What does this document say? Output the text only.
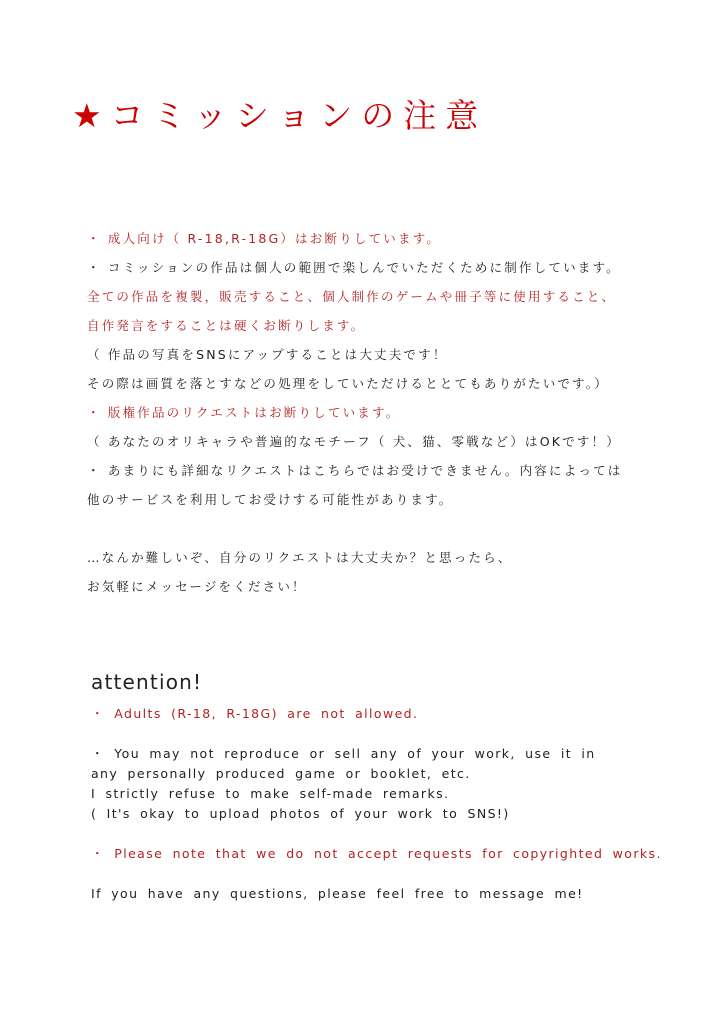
★コミッションの注意
・ 成人向け（ R-18,R-18G）はお断りしています。
・ コミッションの作品は個人の範囲で楽しんでいただくために制作しています。
全ての作品を複製，販売すること、個人制作のゲームや冊子等に使用すること、
自作発言をすることは硬くお断りします。
（ 作品の写真をSNSにアップすることは大丈夫です！
その際は画質を落とすなどの処理をしていただけるととてもありがたいです。）
・ 版権作品のリクエストはお断りしています。
（ あなたのオリキャラや普遍的なモチーフ（ 犬、猫、零戦など）はOKです！）
・ あまりにも詳細なリクエストはこちらではお受けできません。内容によっては
他のサービスを利用してお受けする可能性があります。
…なんか難しいぞ、自分のリクエストは大丈夫か？と思ったら、
お気軽にメッセージをください！
attention!
・ Adults (R-18, R-18G) are not allowed.
・ You may not reproduce or sell any of your work, use it in
any personally produced game or booklet, etc.
I strictly refuse to make self-made remarks.
( It's okay to upload photos of your work to SNS!)
・ Please note that we do not accept requests for copyrighted works.
If you have any questions, please feel free to message me!
